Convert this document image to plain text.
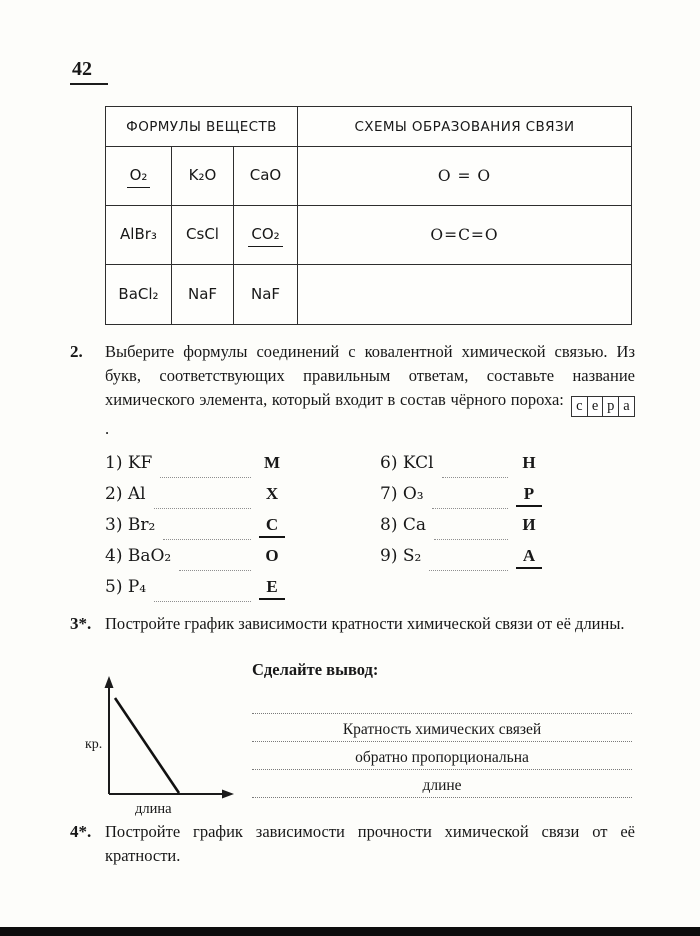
42
ФОРМУЛЫ ВЕЩЕСТВ	СХЕМЫ ОБРАЗОВАНИЯ СВЯЗИ
O₂	K₂O CaO	O = O
AlBr₃ CsCl CO₂	O=C=O
BaCl₂ NaF NaF
2.	Выберите формулы соединений с ковалентной химической связью. Из букв, соответствующих правильным ответам, составьте название химического элемента, который входит в состав чёрного пороха: с е р а
.
1) KF	М
2) Al	Х
3) Br₂	С
4) BaO₂	О
5) P₄	Е
6) KCl	Н
7) O₃	Р
8) Ca	И
9) S₂	А
3*. Постройте график зависимости кратности химической связи от её длины.
кр.
длина
Сделайте вывод:
Кратность химических связей
обратно пропорциональна
длине
4*. Постройте график зависимости прочности химической связи от её кратности.
